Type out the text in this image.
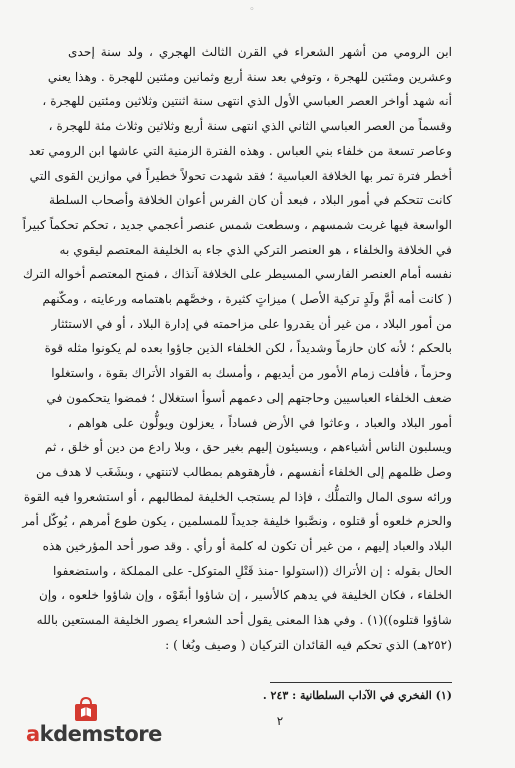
◦

ابن الرومي من أشهر الشعراء في القرن الثالث الهجري ، ولد سنة إحدى
وعشرين ومئتين للهجرة ، وتوفي بعد سنة أربع وثمانين ومئتين للهجرة . وهذا يعني
أنه شهد أواخر العصر العباسي الأول الذي انتهى سنة اثنتين وثلاثين ومئتين للهجرة ،
وقسماً من العصر العباسي الثاني الذي انتهى سنة أربع وثلاثين وثلاث مئة للهجرة ،
وعاصر تسعة من خلفاء بني العباس . وهذه الفترة الزمنية التي عاشها ابن الرومي تعد
أخطر فترة تمر بها الخلافة العباسية ؛ فقد شهدت تحولاً خطيراً في موازين القوى التي
كانت تتحكم في أمور البلاد ، فبعد أن كان الفرس أعوان الخلافة وأصحاب السلطة
الواسعة فيها غربت شمسهم ، وسطعت شمس عنصر أعجمي جديد ، تحكم تحكماً كبيراً
في الخلافة والخلفاء ، هو العنصر التركي الذي جاء به الخليفة المعتصم ليقوي به
نفسه أمام العنصر الفارسي المسيطر على الخلافة آنذاك ، فمنح المعتصم أخواله الترك
( كانت أمه أمَّ ولَدٍ تركية الأصل ) ميزاتٍ كثيرة ، وخصَّهم باهتمامه ورعايته ، ومكّنهم
من أمور البلاد ، من غير أن يقدروا على مزاحمته في إدارة البلاد ، أو في الاستئثار
بالحكم ؛ لأنه كان حازماً وشديداً ، لكن الخلفاء الذين جاؤوا بعده لم يكونوا مثله قوة
وحزماً ، فأفلت زمام الأمور من أيديهم ، وأمسك به القواد الأتراك بقوة ، واستغلوا
ضعف الخلفاء العباسيين وحاجتهم إلى دعمهم أسوأ استغلال ؛ فمضوا يتحكمون في
أمور البلاد والعباد ، وعاثوا في الأرض فساداً ، يعزلون ويولُّون على هواهم ،
ويسلبون الناس أشياءهم ، ويسيئون إليهم بغير حق ، وبلا رادع من دين أو خلق ، ثم
وصل ظلمهم إلى الخلفاء أنفسهم ، فأرهقوهم بمطالب لاتنتهي ، وبشَغَب لا هدف من
ورائه سوى المال والتملُّك ، فإذا لم يستجب الخليفة لمطالبهم ، أو استشعروا فيه القوة
والحزم خلعوه أو قتلوه ، ونصَّبوا خليفة جديداً للمسلمين ، يكون طوع أمرهم ، يُوكّل أمر
البلاد والعباد إليهم ، من غير أن تكون له كلمة أو رأي . وقد صور أحد المؤرخين هذه
الحال بقوله : إن الأتراك ((استولوا -منذ قَتْلِ المتوكل- على المملكة ، واستضعفوا
الخلفاء ، فكان الخليفة في يدهم كالأسير ، إن شاؤوا أبقَوْه ، وإن شاؤوا خلعوه ، وإن
شاؤوا قتلوه))(١) . وفي هذا المعنى يقول أحد الشعراء يصور الخليفة المستعين بالله
(٢٥٢هـ) الذي تحكم فيه القائدان التركيان ( وصيف وبُغا ) :

(١) الفخري في الآداب السلطانية : ٢٤٣ .
٢
akdemstore
